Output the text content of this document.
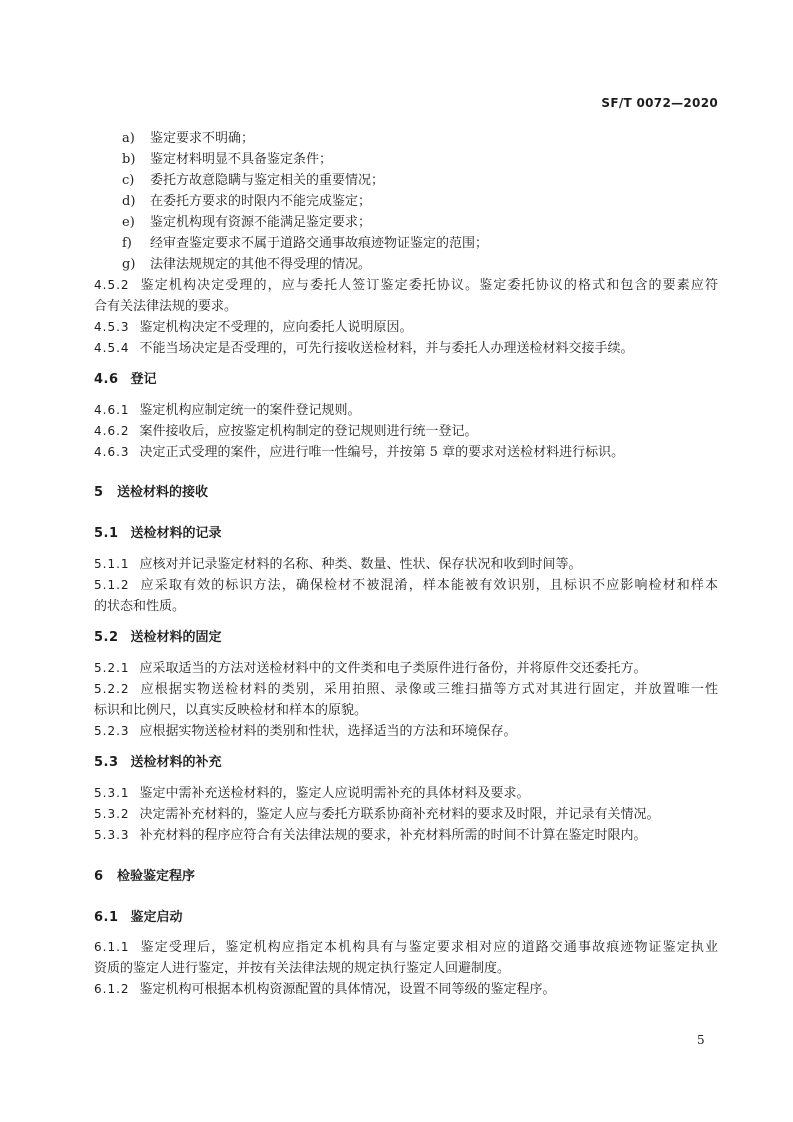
SF/T 0072—2020
a) 鉴定要求不明确；
b) 鉴定材料明显不具备鉴定条件；
c) 委托方故意隐瞒与鉴定相关的重要情况；
d) 在委托方要求的时限内不能完成鉴定；
e) 鉴定机构现有资源不能满足鉴定要求；
f) 经审查鉴定要求不属于道路交通事故痕迹物证鉴定的范围；
g) 法律法规规定的其他不得受理的情况。
4.5.2 鉴定机构决定受理的，应与委托人签订鉴定委托协议。鉴定委托协议的格式和包含的要素应符
合有关法律法规的要求。
4.5.3 鉴定机构决定不受理的，应向委托人说明原因。
4.5.4 不能当场决定是否受理的，可先行接收送检材料，并与委托人办理送检材料交接手续。
4.6 登记
4.6.1 鉴定机构应制定统一的案件登记规则。
4.6.2 案件接收后，应按鉴定机构制定的登记规则进行统一登记。
4.6.3 决定正式受理的案件，应进行唯一性编号，并按第 5 章的要求对送检材料进行标识。
5 送检材料的接收
5.1 送检材料的记录
5.1.1 应核对并记录鉴定材料的名称、种类、数量、性状、保存状况和收到时间等。
5.1.2 应采取有效的标识方法，确保检材不被混淆，样本能被有效识别，且标识不应影响检材和样本
的状态和性质。
5.2 送检材料的固定
5.2.1 应采取适当的方法对送检材料中的文件类和电子类原件进行备份，并将原件交还委托方。
5.2.2 应根据实物送检材料的类别，采用拍照、录像或三维扫描等方式对其进行固定，并放置唯一性
标识和比例尺，以真实反映检材和样本的原貌。
5.2.3 应根据实物送检材料的类别和性状，选择适当的方法和环境保存。
5.3 送检材料的补充
5.3.1 鉴定中需补充送检材料的，鉴定人应说明需补充的具体材料及要求。
5.3.2 决定需补充材料的，鉴定人应与委托方联系协商补充材料的要求及时限，并记录有关情况。
5.3.3 补充材料的程序应符合有关法律法规的要求，补充材料所需的时间不计算在鉴定时限内。
6 检验鉴定程序
6.1 鉴定启动
6.1.1 鉴定受理后，鉴定机构应指定本机构具有与鉴定要求相对应的道路交通事故痕迹物证鉴定执业
资质的鉴定人进行鉴定，并按有关法律法规的规定执行鉴定人回避制度。
6.1.2 鉴定机构可根据本机构资源配置的具体情况，设置不同等级的鉴定程序。
5
